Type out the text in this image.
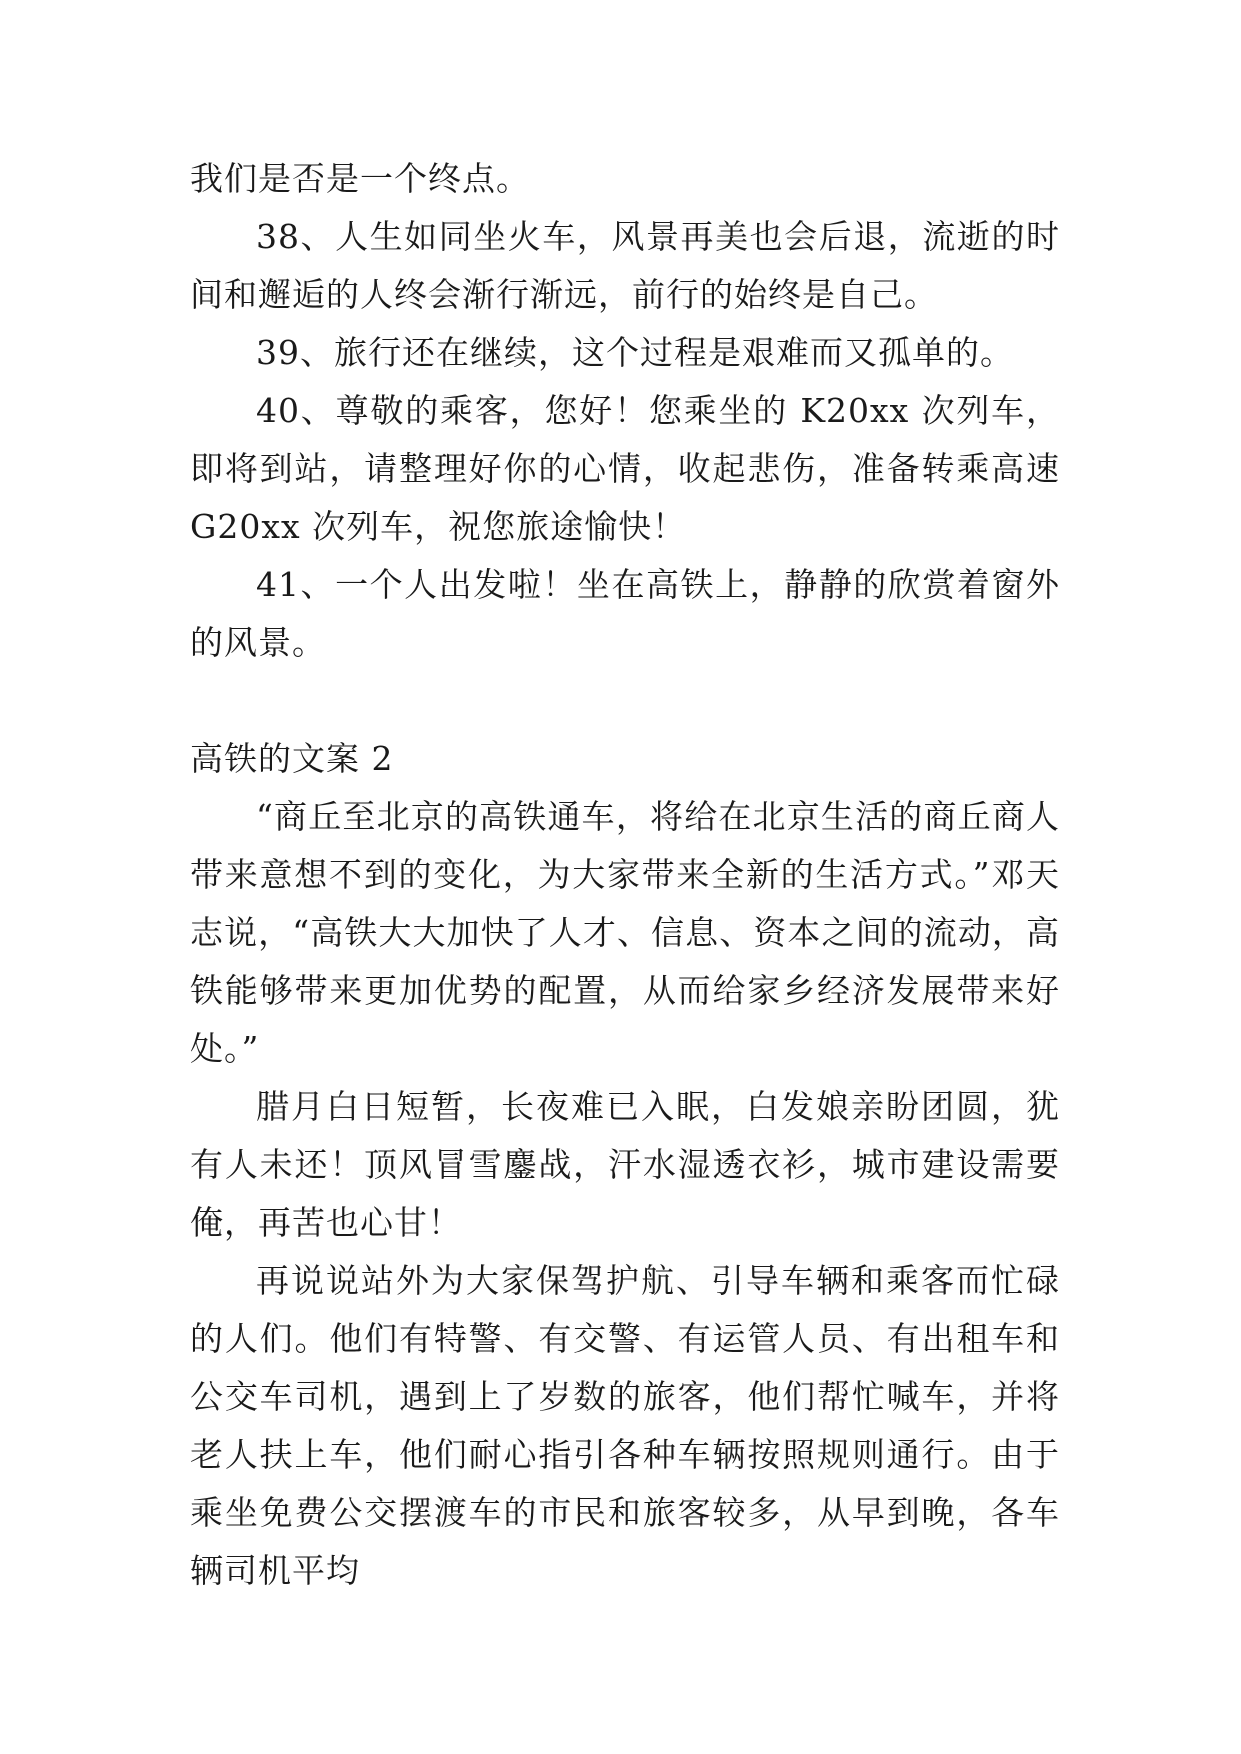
我们是否是一个终点。

38、人生如同坐火车，风景再美也会后退，流逝的时间和邂逅的人终会渐行渐远，前行的始终是自己。

39、旅行还在继续，这个过程是艰难而又孤单的。

40、尊敬的乘客，您好！您乘坐的 K20xx 次列车，即将到站，请整理好你的心情，收起悲伤，准备转乘高速 G20xx 次列车，祝您旅途愉快！

41、一个人出发啦！坐在高铁上，静静的欣赏着窗外的风景。

高铁的文案 2

“商丘至北京的高铁通车，将给在北京生活的商丘商人带来意想不到的变化，为大家带来全新的生活方式。”邓天志说，“高铁大大加快了人才、信息、资本之间的流动，高铁能够带来更加优势的配置，从而给家乡经济发展带来好处。”

腊月白日短暂，长夜难已入眠，白发娘亲盼团圆，犹有人未还！顶风冒雪鏖战，汗水湿透衣衫，城市建设需要俺，再苦也心甘！

再说说站外为大家保驾护航、引导车辆和乘客而忙碌的人们。他们有特警、有交警、有运管人员、有出租车和公交车司机，遇到上了岁数的旅客，他们帮忙喊车，并将老人扶上车，他们耐心指引各种车辆按照规则通行。由于乘坐免费公交摆渡车的市民和旅客较多，从早到晚，各车辆司机平均
